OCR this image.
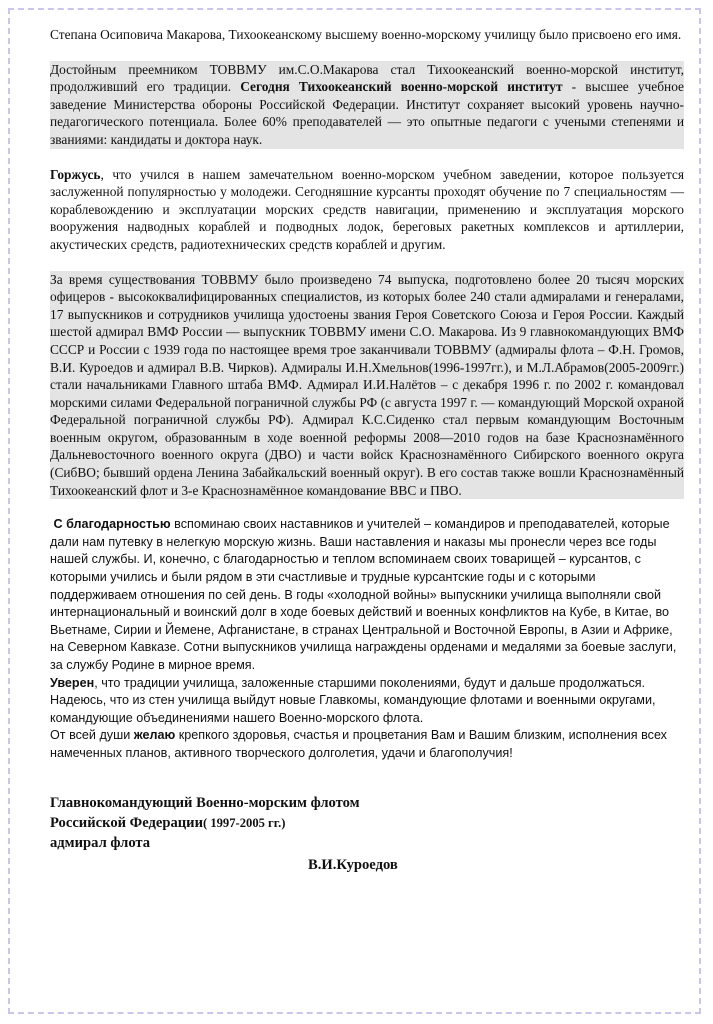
Степана Осиповича Макарова, Тихоокеанскому высшему военно-морскому училищу было присвоено его имя.

Достойным преемником ТОВВМУ им.С.О.Макарова стал Тихоокеанский военно-морской институт, продолживший его традиции. Сегодня Тихоокеанский военно-морской институт - высшее учебное заведение Министерства обороны Российской Федерации. Институт сохраняет высокий уровень научно-педагогического потенциала. Более 60% преподавателей — это опытные педагоги с учеными степенями и званиями: кандидаты и доктора наук.

Горжусь, что учился в нашем замечательном военно-морском учебном заведении, которое пользуется заслуженной популярностью у молодежи. Сегодняшние курсанты проходят обучение по 7 специальностям — кораблевождению и эксплуатации морских средств навигации, применению и эксплуатация морского вооружения надводных кораблей и подводных лодок, береговых ракетных комплексов и артиллерии, акустических средств, радиотехнических средств кораблей и другим.

За время существования ТОВВМУ было произведено 74 выпуска, подготовлено более 20 тысяч морских офицеров - высококвалифицированных специалистов, из которых более 240 стали адмиралами и генералами, 17 выпускников и сотрудников училища удостоены звания Героя Советского Союза и Героя России. Каждый шестой адмирал ВМФ России — выпускник ТОВВМУ имени С.О. Макарова. Из 9 главнокомандующих ВМФ СССР и России с 1939 года по настоящее время трое заканчивали ТОВВМУ (адмиралы флота – Ф.Н. Громов, В.И. Куроедов и адмирал В.В. Чирков). Адмиралы И.Н.Хмельнов(1996-1997гг.), и М.Л.Абрамов(2005-2009гг.) стали начальниками Главного штаба ВМФ. Адмирал И.И.Налётов – с декабря 1996 г. по 2002 г. командовал морскими силами Федеральной пограничной службы РФ (с августа 1997 г. — командующий Морской охраной Федеральной пограничной службы РФ). Адмирал К.С.Сиденко стал первым командующим Восточным военным округом, образованным в ходе военной реформы 2008—2010 годов на базе Краснознамённого Дальневосточного военного округа (ДВО) и части войск Краснознамённого Сибирского военного округа (СибВО; бывший ордена Ленина Забайкальский военный округ). В его состав также вошли Краснознамённый Тихоокеанский флот и 3-е Краснознамённое командование ВВС и ПВО.

С благодарностью вспоминаю своих наставников и учителей – командиров и преподавателей, которые дали нам путевку в нелегкую морскую жизнь. Ваши наставления и наказы мы пронесли через все годы нашей службы. И, конечно, с благодарностью и теплом вспоминаем своих товарищей – курсантов, с которыми учились и были рядом в эти счастливые и трудные курсантские годы и с которыми поддерживаем отношения по сей день. В годы «холодной войны» выпускники училища выполняли свой интернациональный и воинский долг в ходе боевых действий и военных конфликтов на Кубе, в Китае, во Вьетнаме, Сирии и Йемене, Афганистане, в странах Центральной и Восточной Европы, в Азии и Африке, на Северном Кавказе. Сотни выпускников училища награждены орденами и медалями за боевые заслуги, за службу Родине в мирное время.

Уверен, что традиции училища, заложенные старшими поколениями, будут и дальше продолжаться. Надеюсь, что из стен училища выйдут новые Главкомы, командующие флотами и военными округами, командующие объединениями нашего Военно-морского флота.

От всей души желаю крепкого здоровья, счастья и процветания Вам и Вашим близким, исполнения всех намеченных планов, активного творческого долголетия, удачи и благополучия!

Главнокомандующий Военно-морским флотом
Российской Федерации( 1997-2005 гг.)
адмирал флота
В.И.Куроедов
